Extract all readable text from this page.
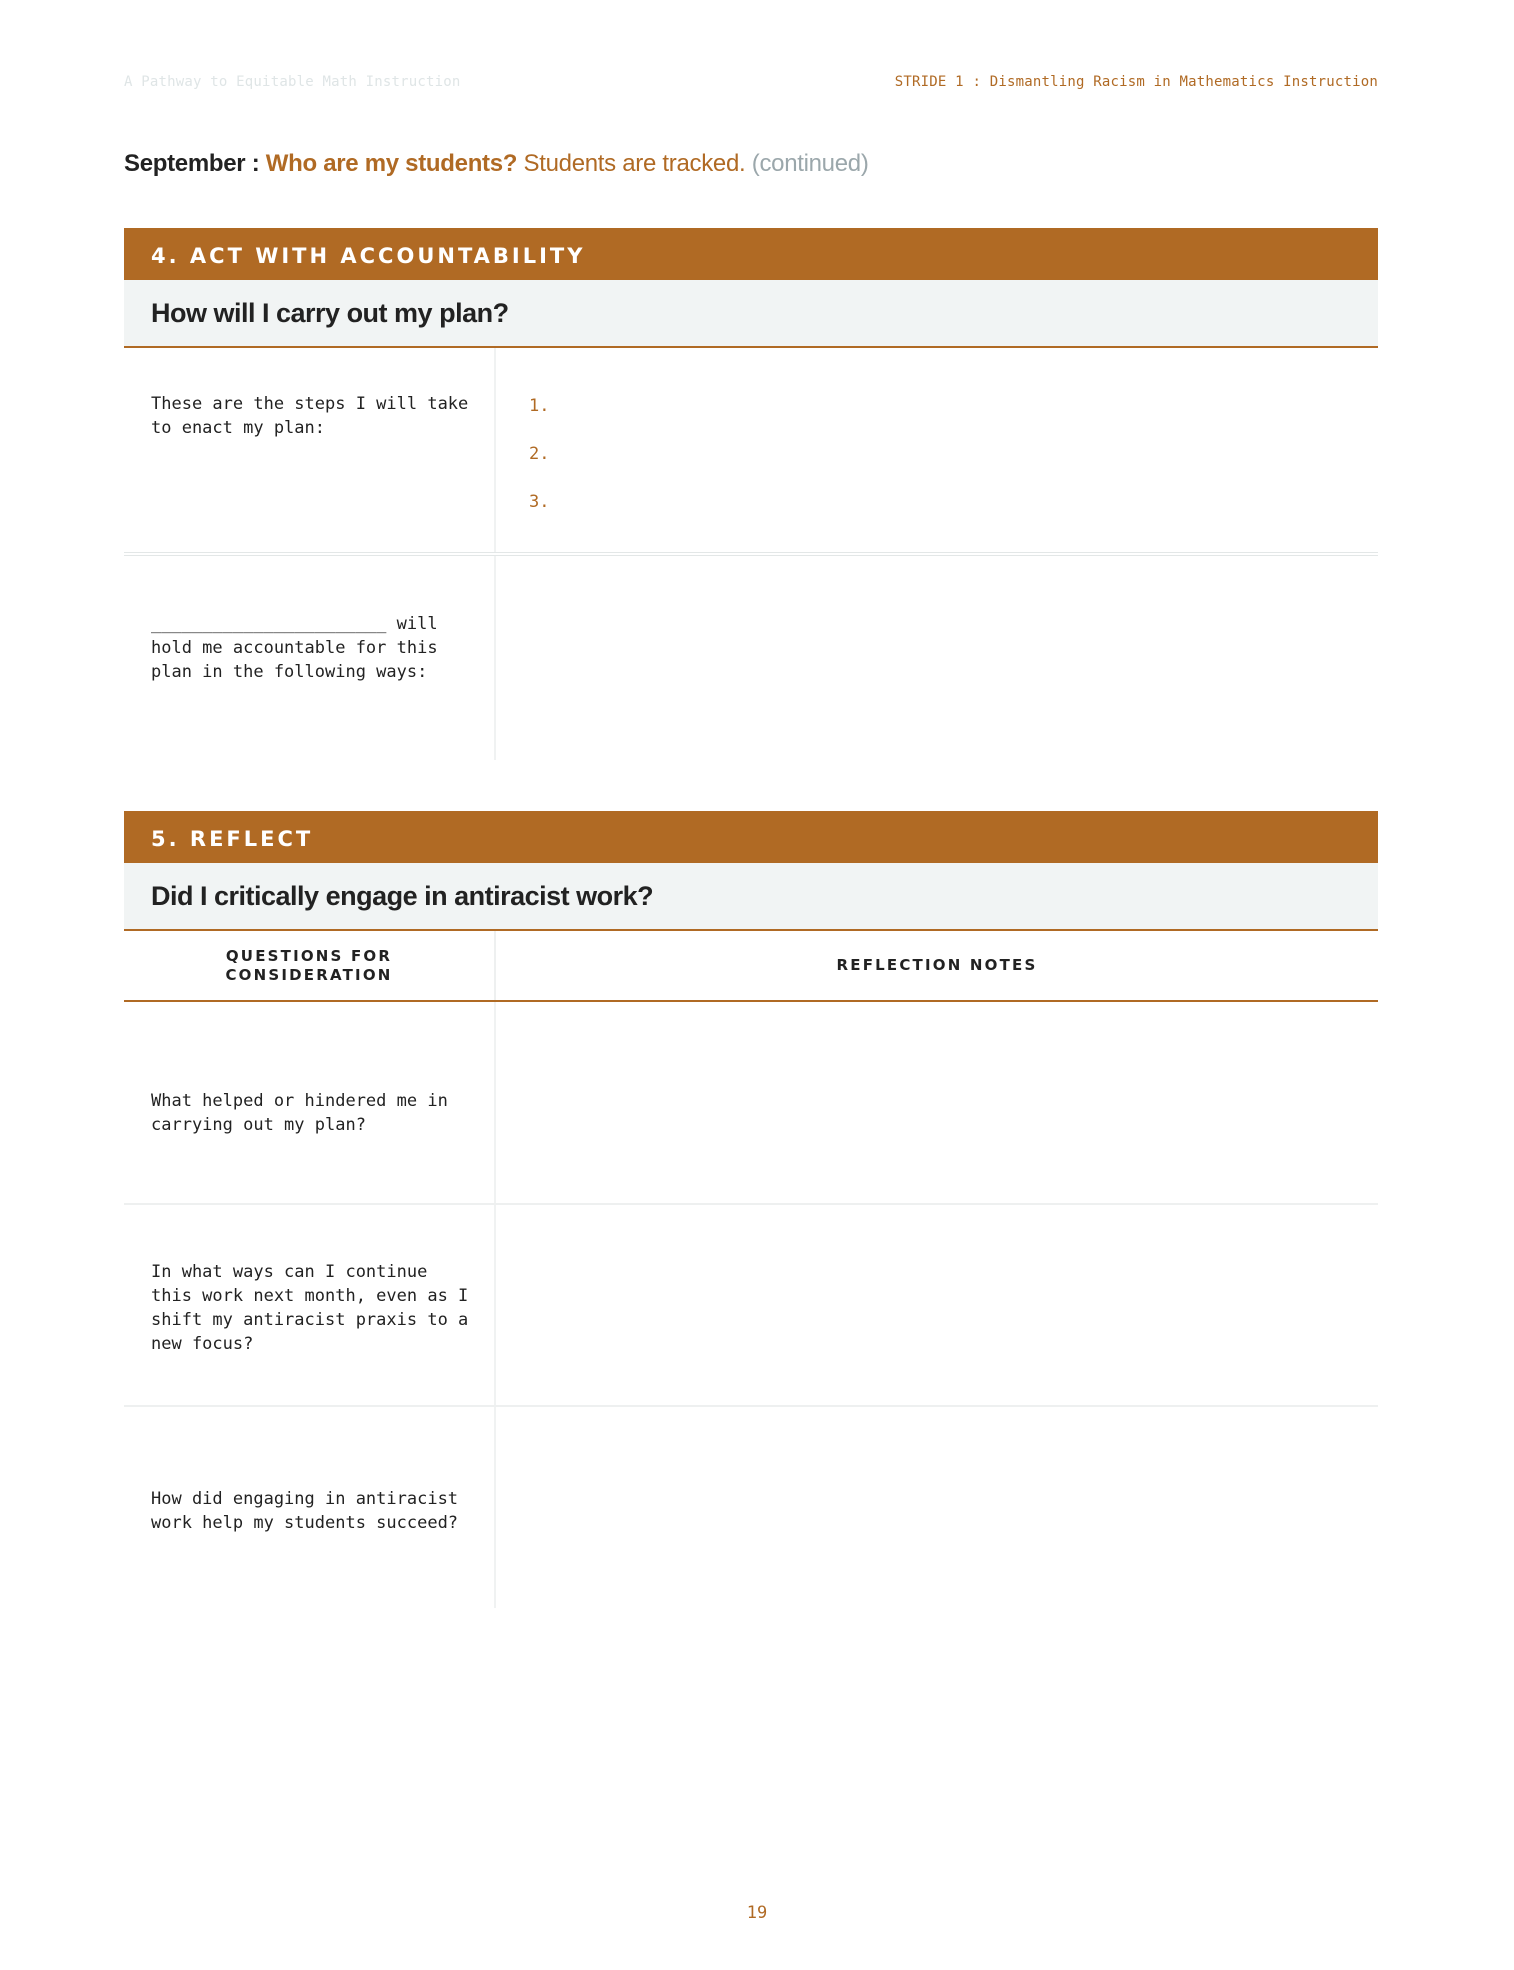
A Pathway to Equitable Math Instruction	STRIDE 1 : Dismantling Racism in Mathematics Instruction
September : Who are my students? Students are tracked. (continued)
4. ACT WITH ACCOUNTABILITY
How will I carry out my plan?
These are the steps I will take to enact my plan:
1.
2.
3.
_______________________ will hold me accountable for this plan in the following ways:
5. REFLECT
Did I critically engage in antiracist work?
QUESTIONS FOR CONSIDERATION
REFLECTION NOTES
What helped or hindered me in carrying out my plan?
In what ways can I continue this work next month, even as I shift my antiracist praxis to a new focus?
How did engaging in antiracist work help my students succeed?
19
